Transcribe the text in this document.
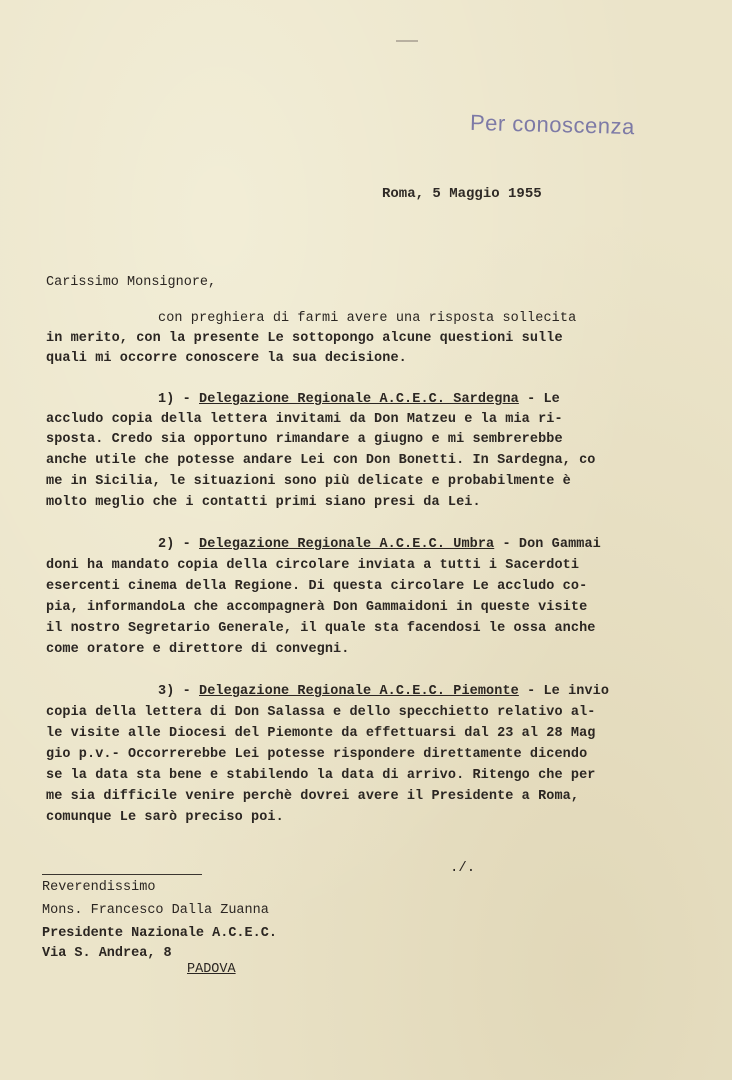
Per conoscenza
Roma, 5 Maggio 1955
Carissimo Monsignore,
con preghiera di farmi avere una risposta sollecita
in merito, con la presente Le sottopongo alcune questioni sulle
quali mi occorre conoscere la sua decisione.
1) - Delegazione Regionale A.C.E.C. Sardegna - Le
accludo copia della lettera invitami da Don Matzeu e la mia ri-
sposta. Credo sia opportuno rimandare a giugno e mi sembrerebbe
anche utile che potesse andare Lei con Don Bonetti. In Sardegna, co
me in Sicilia, le situazioni sono più delicate e probabilmente è
molto meglio che i contatti primi siano presi da Lei.
2) - Delegazione Regionale A.C.E.C. Umbra - Don Gammai
doni ha mandato copia della circolare inviata a tutti i Sacerdoti
esercenti cinema della Regione. Di questa circolare Le accludo co-
pia, informandoLa che accompagnerà Don Gammaidoni in queste visite
il nostro Segretario Generale, il quale sta facendosi le ossa anche
come oratore e direttore di convegni.
3) - Delegazione Regionale A.C.E.C. Piemonte - Le invio
copia della lettera di Don Salassa e dello specchietto relativo al-
le visite alle Diocesi del Piemonte da effettuarsi dal 23 al 28 Mag
gio p.v.- Occorrerebbe Lei potesse rispondere direttamente dicendo
se la data sta bene e stabilendo la data di arrivo. Ritengo che per
me sia difficile venire perchè dovrei avere il Presidente a Roma,
comunque Le sarò preciso poi.
./.
Reverendissimo
Mons. Francesco Dalla Zuanna
Presidente Nazionale A.C.E.C.
Via S. Andrea, 8
PADOVA
